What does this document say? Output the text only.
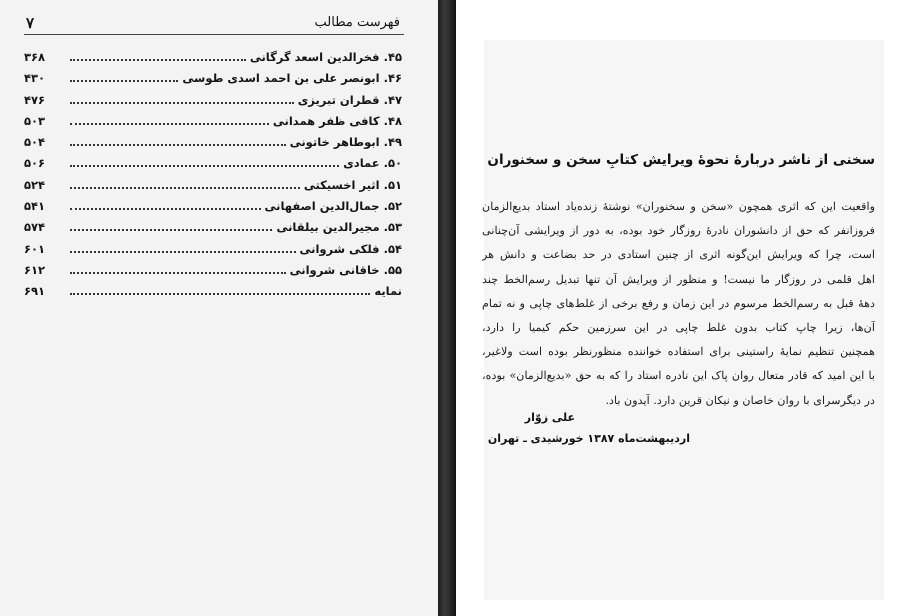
۷	فهرست مطالب
۴۵. فخرالدین اسعد گرگانی
۳۶۸
۴۶. ابونصر علی بن احمد اسدی طوسی
۴۳۰
۴۷. قطران تبریزی
۴۷۶
۴۸. کافی ظفر همدانی
۵۰۳
۴۹. ابوطاهر خاتونی
۵۰۴
۵۰. عمادی
۵۰۶
۵۱. اثیر اخسیکتی
۵۲۴
۵۲. جمال‌الدین اصفهانی
۵۴۱
۵۳. مجیرالدین بیلقانی
۵۷۴
۵۴. فلکی شروانی
۶۰۱
۵۵. خاقانی شروانی
۶۱۲
نمایه
۶۹۱
سخنی از ناشر دربارهٔ نحوهٔ ویرایش کتابِ سخن و سخنوران
واقعیت این که اثری همچون «سخن و سخنوران» نوشتهٔ زنده‌یاد استاد بدیع‌الزمان
فروزانفر که حق از دانشوران نادرهٔ روزگار خود بوده، به دور از ویرایشی آن‌چنانی
است، چرا که ویرایش این‌گونه اثری از چنین استادی در حد بضاعت و دانش هر
اهل قلمی در روزگار ما نیست! و منظور از ویرایش آن تنها تبدیل رسم‌الخط چند
دههٔ قبل به رسم‌الخط مرسوم در این زمان و رفع برخی از غلط‌های چاپی و نه تمام
آن‌ها، زیرا چاپ کتاب بدون غلط چاپی در این سرزمین حکم کیمیا را دارد،
همچنین تنظیم نمایهٔ راستینی برای استفاده خواننده منظورنظر بوده است ولاغیر،
با این امید که قادر متعال روان پاک این نادره استاد را که به حق «بدیع‌الزمان» بوده،
در دیگرسرای با روان خاصان و نیکان قرین دارد. آیدون باد.
علی زوّار
اردیبهشت‌ماه ۱۳۸۷ خورشیدی ـ تهران
